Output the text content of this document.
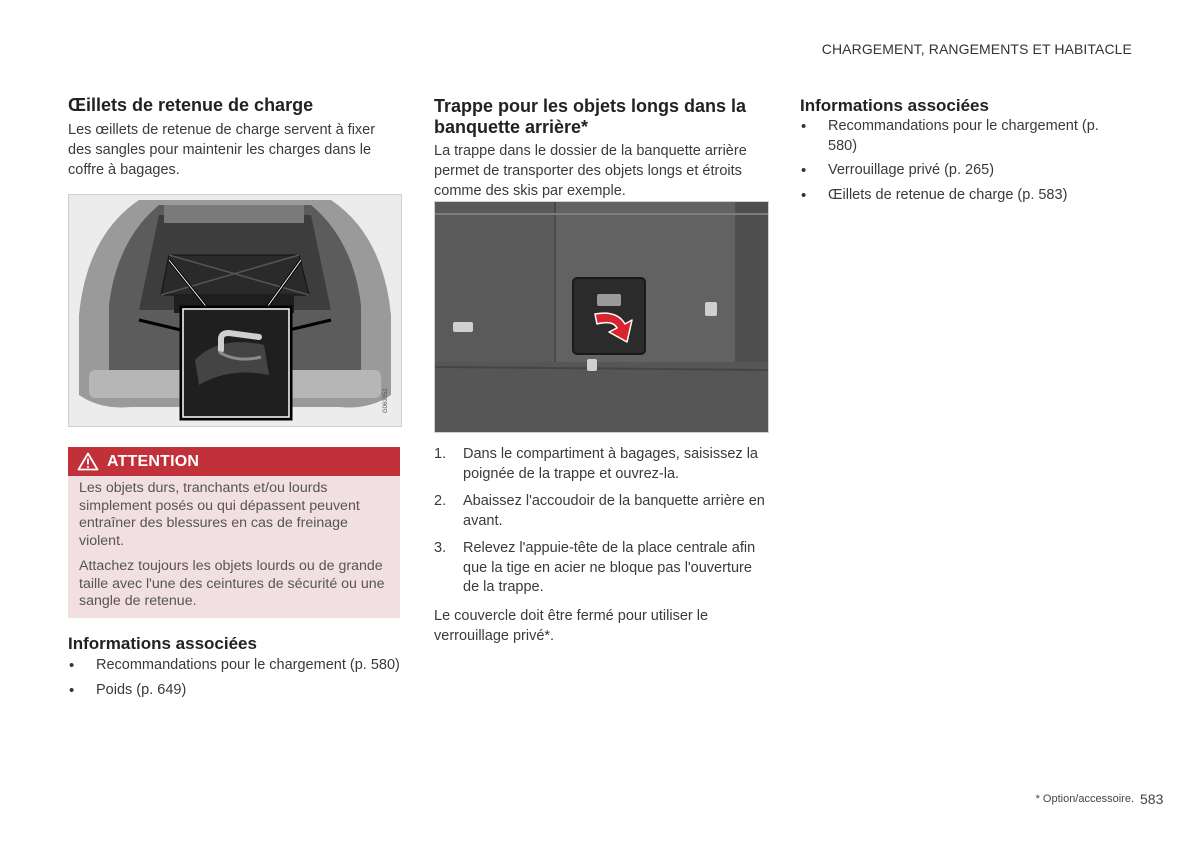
CHARGEMENT, RANGEMENTS ET HABITACLE
Œillets de retenue de charge

Les œillets de retenue de charge servent à fixer des sangles pour maintenir les charges dans le coffre à bagages.

G063952
ATTENTION

Les objets durs, tranchants et/ou lourds simplement posés ou qui dépassent peuvent entraîner des blessures en cas de freinage violent.

Attachez toujours les objets lourds ou de grande taille avec l'une des ceintures de sécurité ou une sangle de retenue.

Informations associées
• Recommandations pour le chargement (p. 580)
• Poids (p. 649)
Trappe pour les objets longs dans la banquette arrière*

La trappe dans le dossier de la banquette arrière permet de transporter des objets longs et étroits comme des skis par exemple.

G063872
1. Dans le compartiment à bagages, saisissez la poignée de la trappe et ouvrez-la.
2. Abaissez l'accoudoir de la banquette arrière en avant.
3. Relevez l'appuie-tête de la place centrale afin que la tige en acier ne bloque pas l'ouverture de la trappe.

Le couvercle doit être fermé pour utiliser le verrouillage privé*.

Informations associées
• Recommandations pour le chargement (p. 580)
• Verrouillage privé (p. 265)
• Œillets de retenue de charge (p. 583)
* Option/accessoire. 583
